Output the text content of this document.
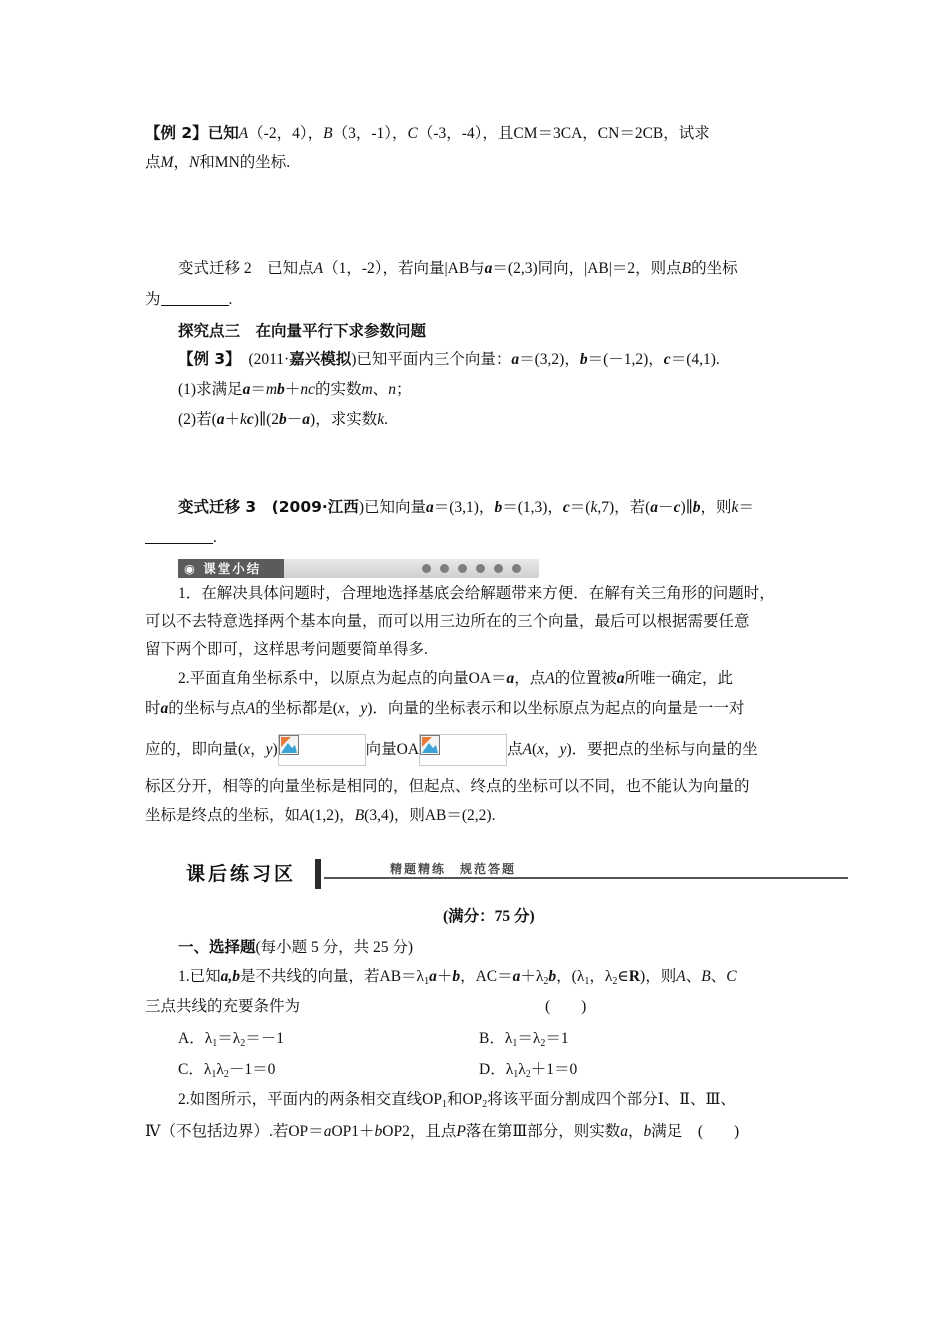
【例 2】已知A（-2，4），B（3，-1），C（-3，-4），且CM＝3CA，CN＝2CB，试求
点M，N和MN的坐标.
变式迁移 2　已知点A（1，-2），若向量|AB与a＝(2,3)同向，|AB|＝2，则点B的坐标
为	.
探究点三　在向量平行下求参数问题
【例 3】　 (2011·嘉兴模拟)已知平面内三个向量：a＝(3,2)，b＝(－1,2)，c＝(4,1).
(1)求满足a＝mb＋nc的实数m、n；
(2)若(a＋kc)∥(2b－a)，求实数k.
变式迁移 3　(2009·江西)已知向量a＝(3,1)，b＝(1,3)，c＝(k,7)，若(a－c)∥b，则k＝
.
◉ 课堂小结
1．在解决具体问题时，合理地选择基底会给解题带来方便．在解有关三角形的问题时，
可以不去特意选择两个基本向量，而可以用三边所在的三个向量，最后可以根据需要任意
留下两个即可，这样思考问题要简单得多.
2.平面直角坐标系中，以原点为起点的向量OA＝a，点A的位置被a所唯一确定，此
时a的坐标与点A的坐标都是(x，y)．向量的坐标表示和以坐标原点为起点的向量是一一对
应的，即向量(x，y)	向量OA	点A(x，y)．要把点的坐标与向量的坐
标区分开，相等的向量坐标是相同的，但起点、终点的坐标可以不同，也不能认为向量的
坐标是终点的坐标，如A(1,2)，B(3,4)，则AB＝(2,2).
课后练习区	精题精练　规范答题
(满分：75 分)
一、选择题(每小题 5 分，共 25 分)
1.已知a,b是不共线的向量，若$AB=\lambda_1a+b$，$AC=a+\lambda_2b$，($\lambda_1$，$\lambda_2\in R$)，则A、B、C
三点共线的充要条件为	(　　)
A．$\lambda_1=\lambda_2=-1$	B．$\lambda_1=\lambda_2=1$
C．$\lambda_1\lambda_2-1=0$	D．$\lambda_1\lambda_2+1=0$
2.如图所示，平面内的两条相交直线$OP_1$和$OP_2$将该平面分割成四个部分Ⅰ、Ⅱ、Ⅲ、
Ⅳ（不包括边界）.若OP＝aOP1＋bOP2，且点P落在第Ⅲ部分，则实数a，b满足　 (　　)
